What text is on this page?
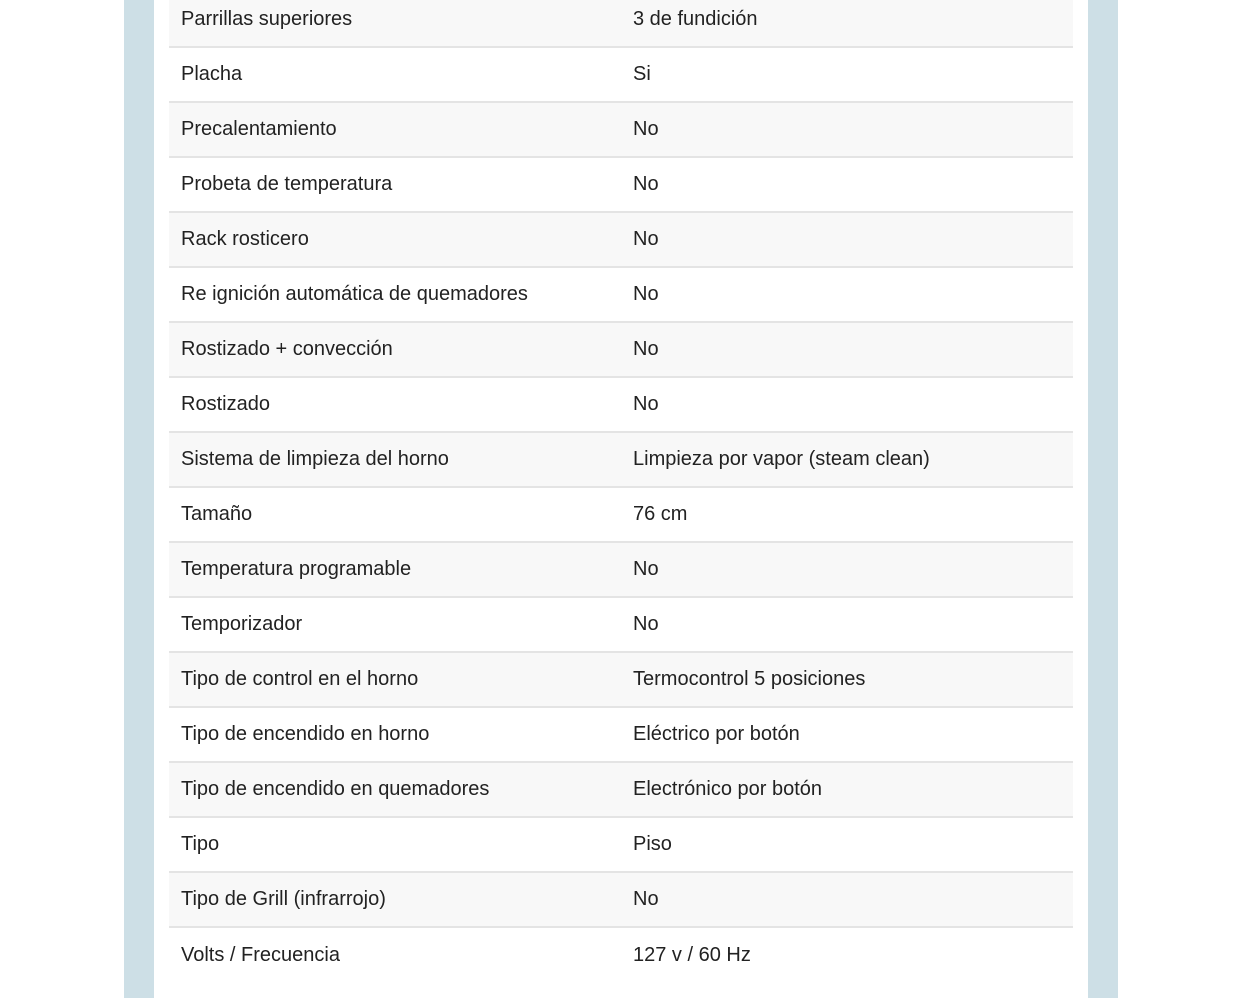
Parrillas superiores	3 de fundición
Placha	Si
Precalentamiento	No
Probeta de temperatura	No
Rack rosticero	No
Re ignición automática de quemadores	No
Rostizado + convección	No
Rostizado	No
Sistema de limpieza del horno	Limpieza por vapor (steam clean)
Tamaño	76 cm
Temperatura programable	No
Temporizador	No
Tipo de control en el horno	Termocontrol 5 posiciones
Tipo de encendido en horno	Eléctrico por botón
Tipo de encendido en quemadores	Electrónico por botón
Tipo	Piso
Tipo de Grill (infrarrojo)	No
Volts / Frecuencia	127 v / 60 Hz
